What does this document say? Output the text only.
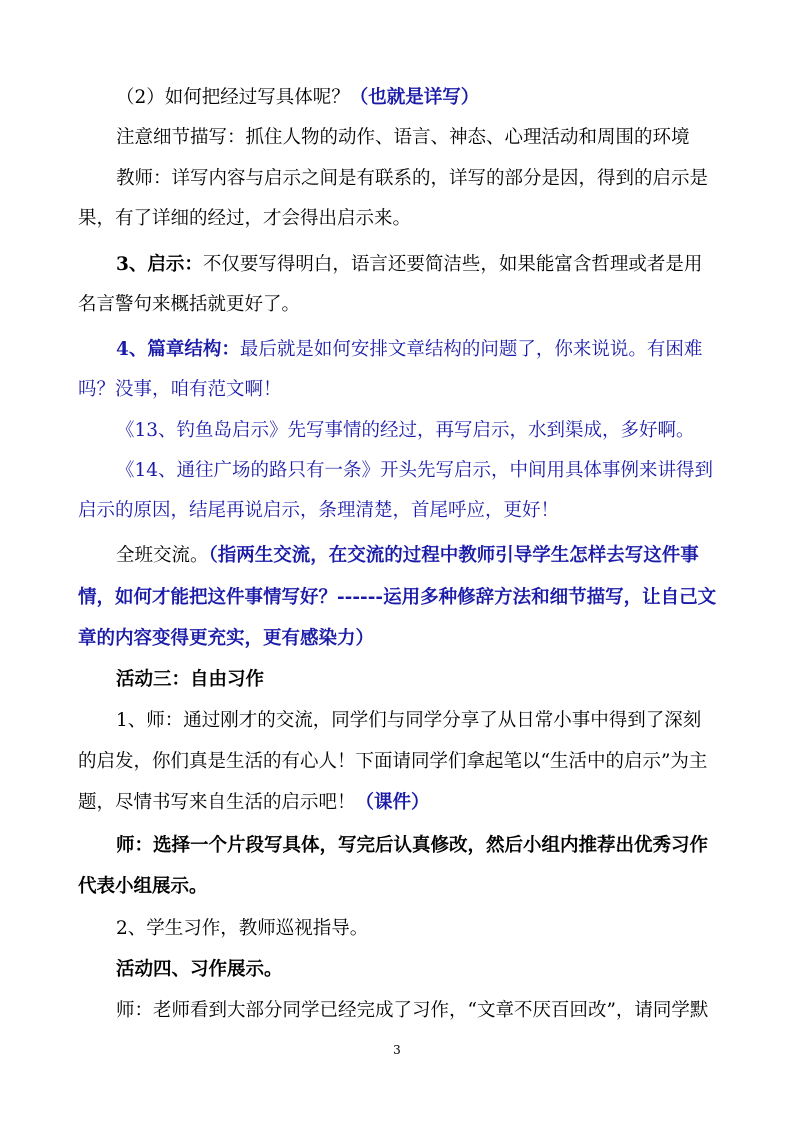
（2）如何把经过写具体呢？（也就是详写）
注意细节描写：抓住人物的动作、语言、神态、心理活动和周围的环境
教师：详写内容与启示之间是有联系的，详写的部分是因，得到的启示是
果，有了详细的经过，才会得出启示来。
3、启示：不仅要写得明白，语言还要简洁些，如果能富含哲理或者是用
名言警句来概括就更好了。
4、篇章结构：最后就是如何安排文章结构的问题了，你来说说。有困难
吗？没事，咱有范文啊！
《13、钓鱼岛启示》先写事情的经过，再写启示，水到渠成，多好啊。
《14、通往广场的路只有一条》开头先写启示，中间用具体事例来讲得到
启示的原因，结尾再说启示，条理清楚，首尾呼应，更好！
全班交流。（指两生交流，在交流的过程中教师引导学生怎样去写这件事
情，如何才能把这件事情写好？------运用多种修辞方法和细节描写，让自己文
章的内容变得更充实，更有感染力）
活动三：自由习作
1、师：通过刚才的交流，同学们与同学分享了从日常小事中得到了深刻
的启发，你们真是生活的有心人！下面请同学们拿起笔以“生活中的启示”为主
题，尽情书写来自生活的启示吧！（课件）
师：选择一个片段写具体，写完后认真修改，然后小组内推荐出优秀习作
代表小组展示。
2、学生习作，教师巡视指导。
活动四、习作展示。
师：老师看到大部分同学已经完成了习作，“文章不厌百回改”，请同学默
3
